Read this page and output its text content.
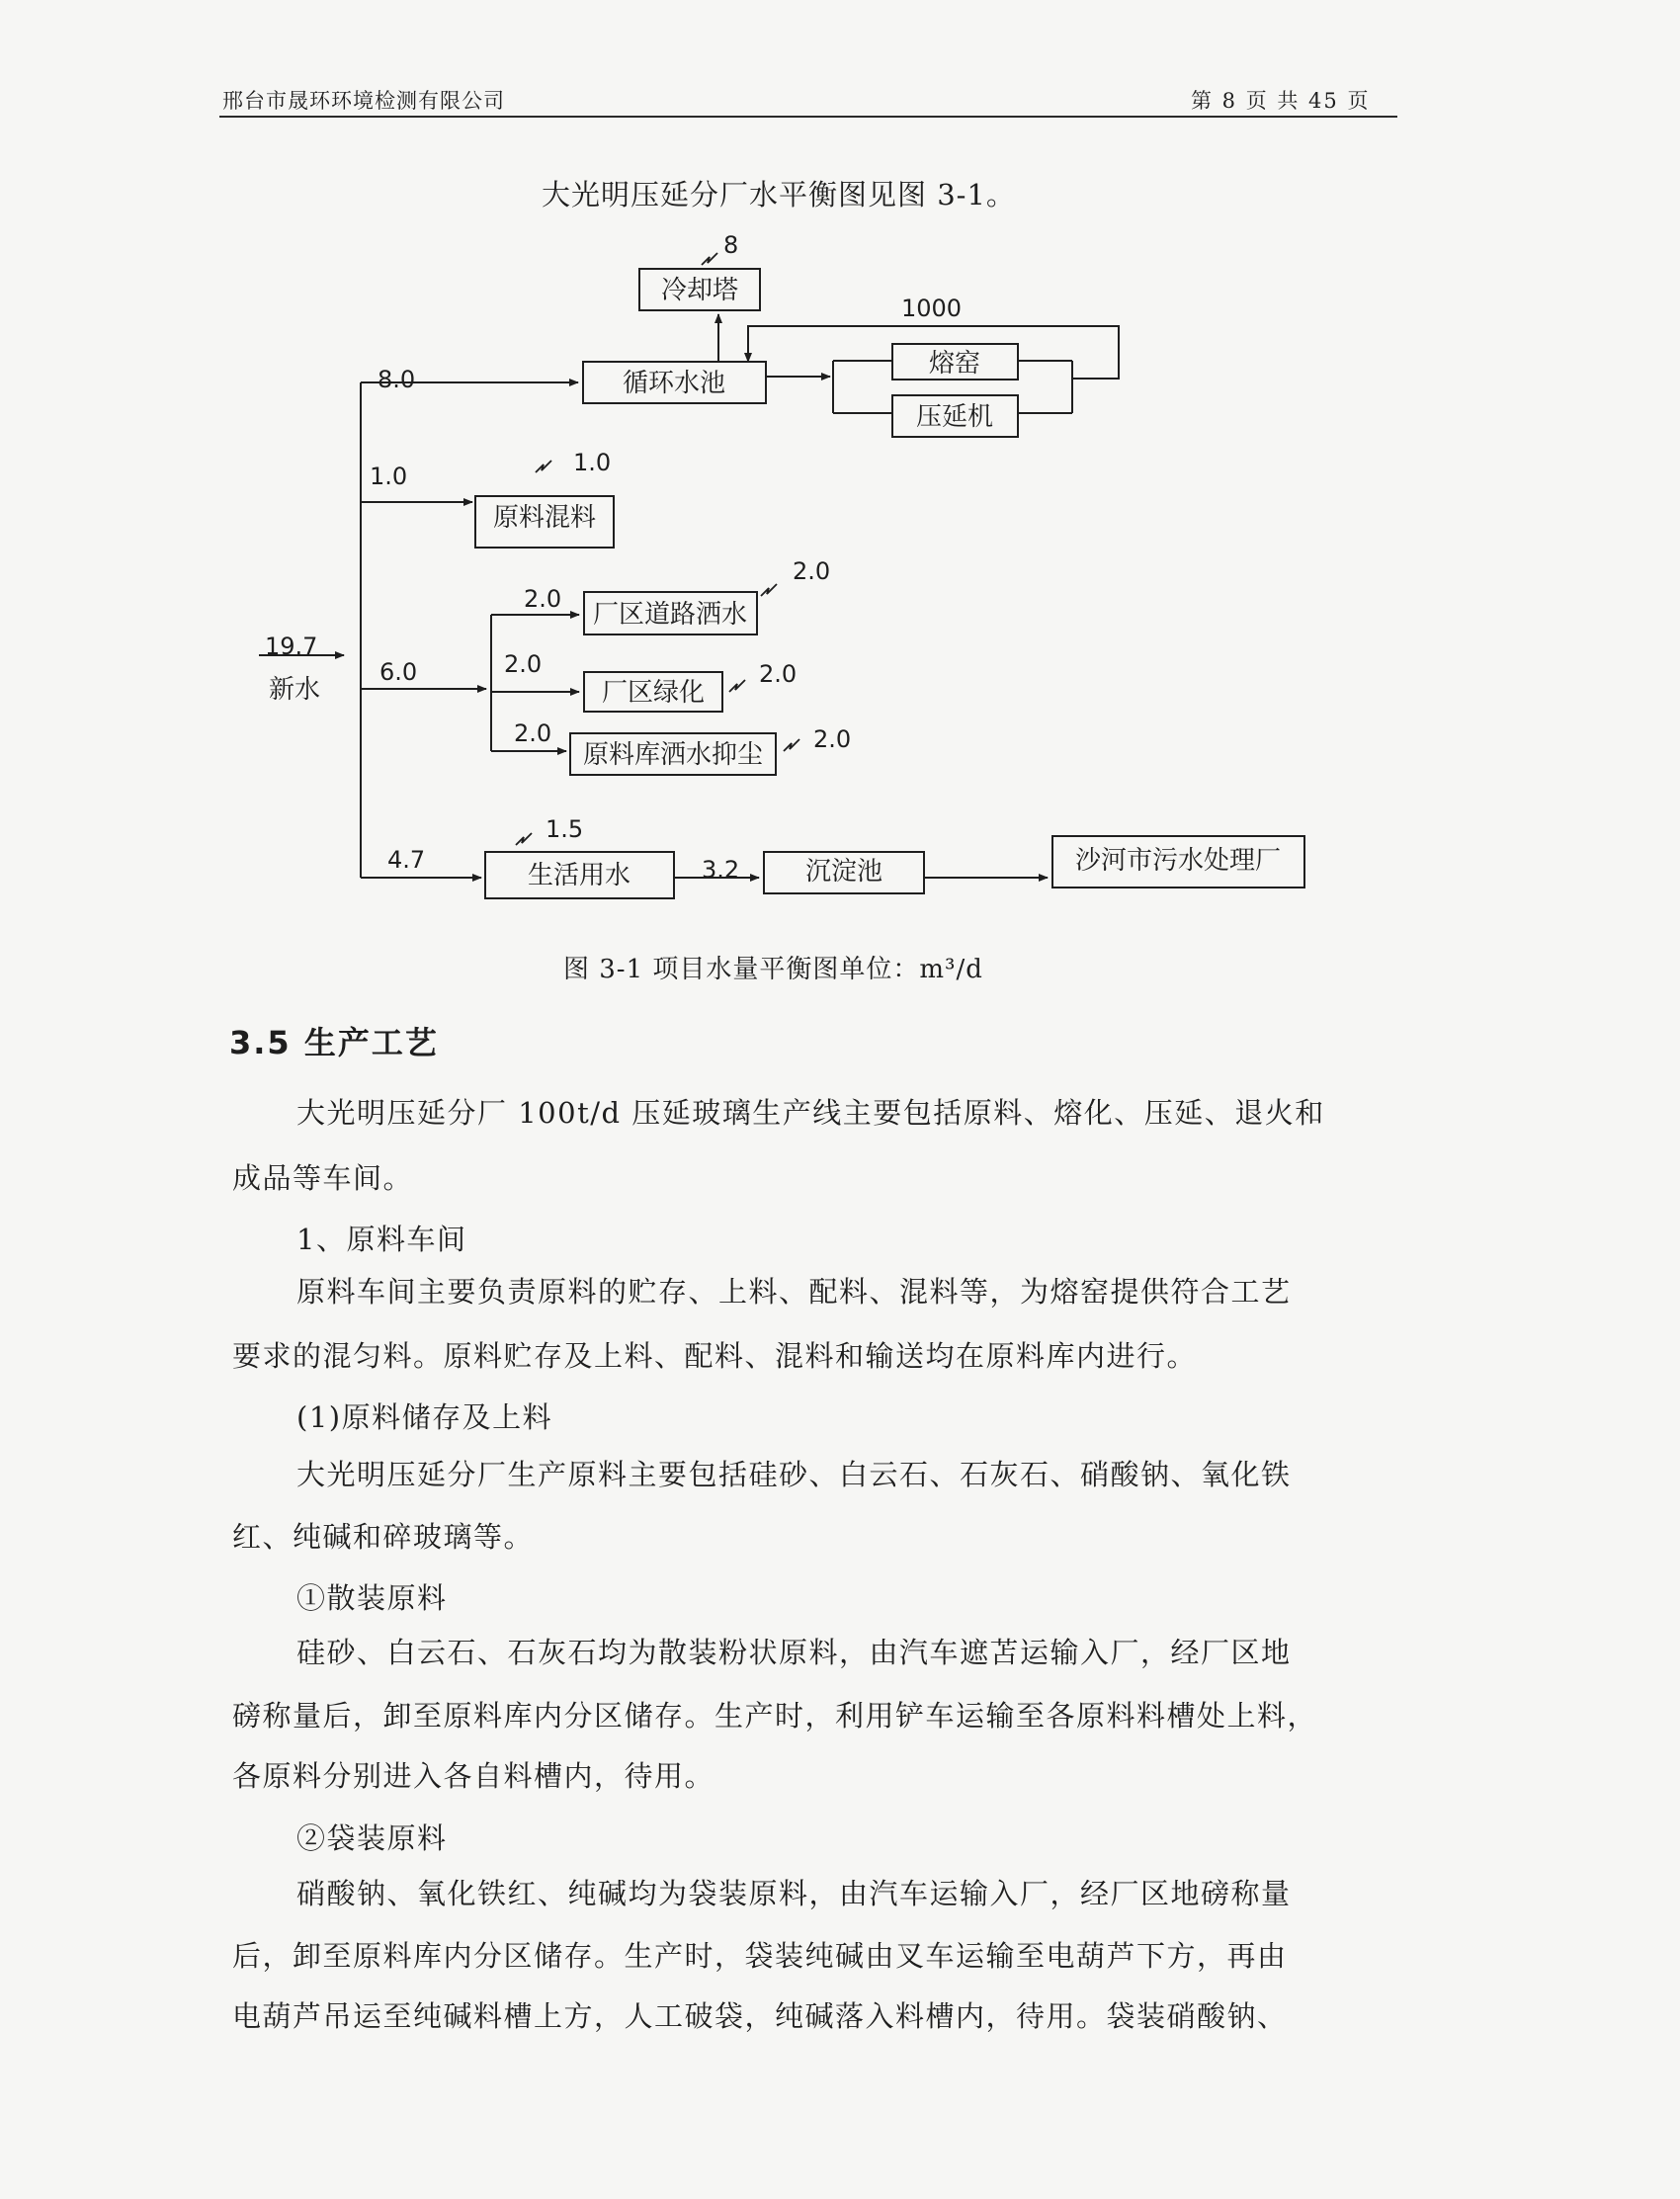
邢台市晟环环境检测有限公司	第 8 页 共 45 页
大光明压延分厂水平衡图见图 3-1。
冷却塔
循环水池
熔窑
压延机
原料混料
厂区道路洒水
厂区绿化
原料库洒水抑尘
生活用水	沉淀池	沙河市污水处理厂
新水
19.7
8.0
1.0
6.0
2.0
2.0
2.0
4.7	3.2
1000
8
1.0
2.0
2.0
2.0
1.5
图 3-1 项目水量平衡图单位：m³/d
3.5 生产工艺
大光明压延分厂 100t/d 压延玻璃生产线主要包括原料、熔化、压延、退火和
成品等车间。
1、原料车间
原料车间主要负责原料的贮存、上料、配料、混料等，为熔窑提供符合工艺
要求的混匀料。原料贮存及上料、配料、混料和输送均在原料库内进行。
(1)原料储存及上料
大光明压延分厂生产原料主要包括硅砂、白云石、石灰石、硝酸钠、氧化铁
红、纯碱和碎玻璃等。
①散装原料
硅砂、白云石、石灰石均为散装粉状原料，由汽车遮苫运输入厂，经厂区地
磅称量后，卸至原料库内分区储存。生产时，利用铲车运输至各原料料槽处上料，
各原料分别进入各自料槽内，待用。
②袋装原料
硝酸钠、氧化铁红、纯碱均为袋装原料，由汽车运输入厂，经厂区地磅称量
后，卸至原料库内分区储存。生产时，袋装纯碱由叉车运输至电葫芦下方，再由
电葫芦吊运至纯碱料槽上方，人工破袋，纯碱落入料槽内，待用。袋装硝酸钠、
